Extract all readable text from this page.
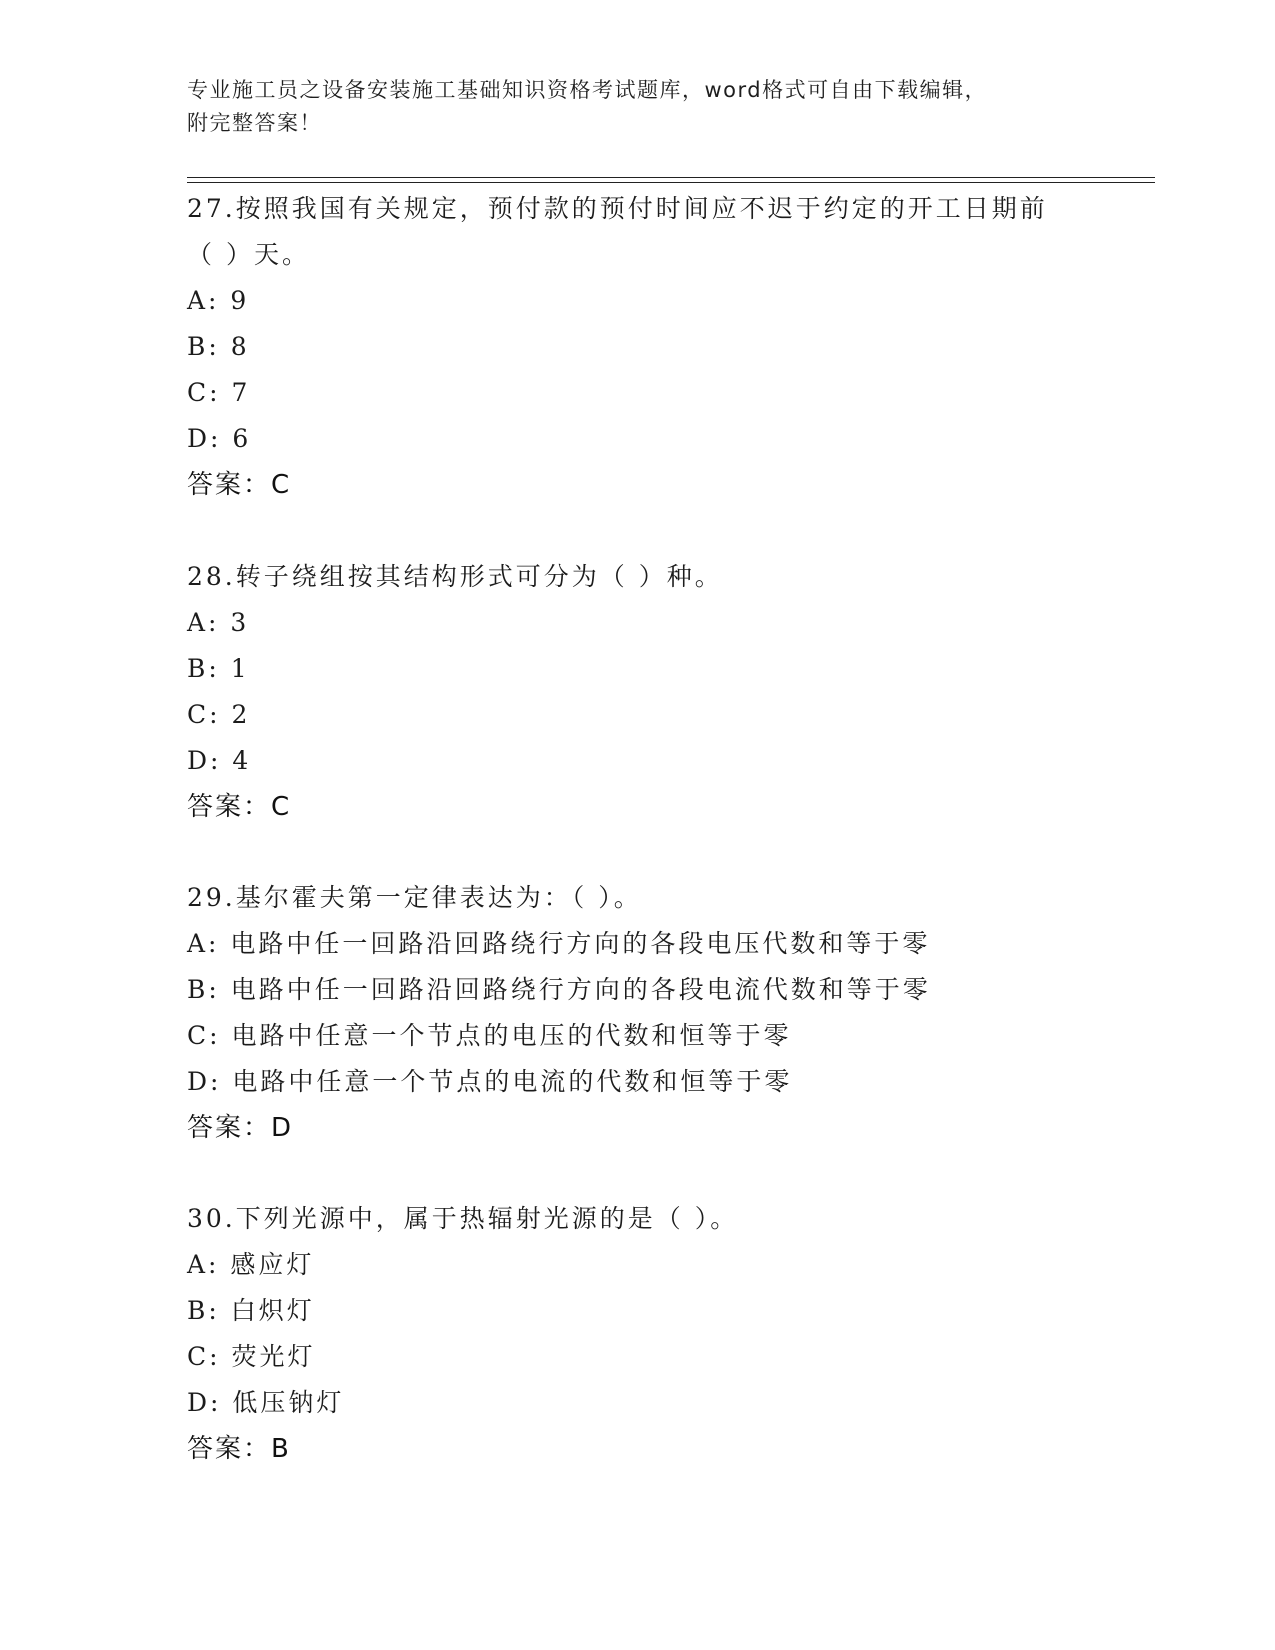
专业施工员之设备安装施工基础知识资格考试题库，word格式可自由下载编辑，
附完整答案！
27.按照我国有关规定，预付款的预付时间应不迟于约定的开工日期前
（ ）天。
A: 9
B: 8
C: 7
D: 6
答案：C
28.转子绕组按其结构形式可分为（ ）种。
A: 3
B: 1
C: 2
D: 4
答案：C
29.基尔霍夫第一定律表达为：（ ）。
A: 电路中任一回路沿回路绕行方向的各段电压代数和等于零
B: 电路中任一回路沿回路绕行方向的各段电流代数和等于零
C: 电路中任意一个节点的电压的代数和恒等于零
D: 电路中任意一个节点的电流的代数和恒等于零
答案：D
30.下列光源中，属于热辐射光源的是（ ）。
A: 感应灯
B: 白炽灯
C: 荧光灯
D: 低压钠灯
答案：B
